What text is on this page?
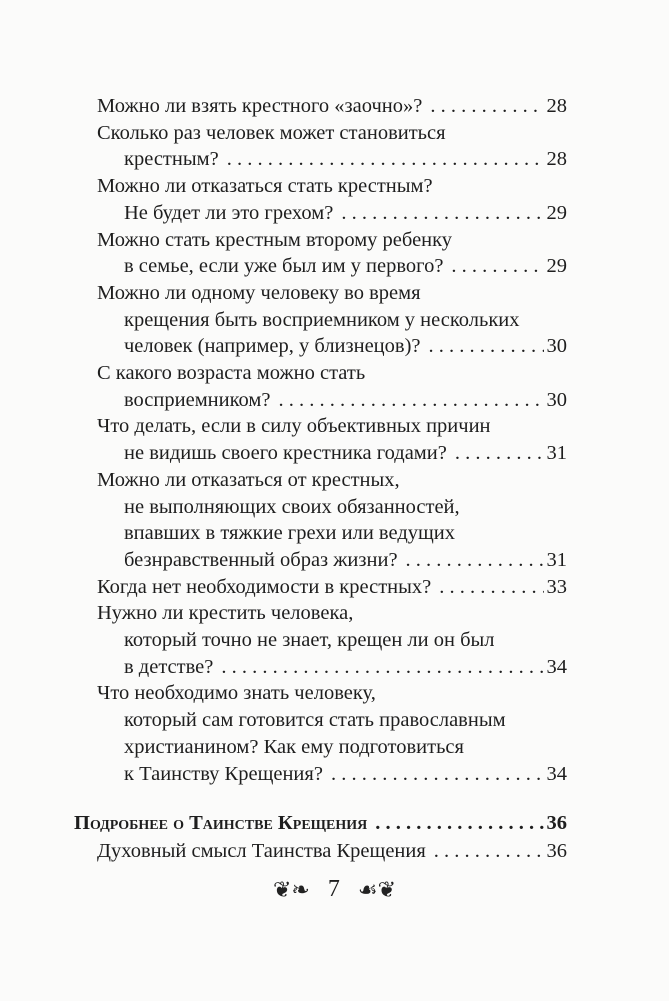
Можно ли взять крестного «заочно»? . . .	28
Сколько раз человек может становиться
крестным? . . .	28
Можно ли отказаться стать крестным?
Не будет ли это грехом? . . .	29
Можно стать крестным второму ребенку
в семье, если уже был им у первого? . . .	29
Можно ли одному человеку во время
крещения быть восприемником у нескольких
человек (например, у близнецов)? . . .	30
С какого возраста можно стать
восприемником? . . .	30
Что делать, если в силу объективных причин
не видишь своего крестника годами? . . .	31
Можно ли отказаться от крестных,
не выполняющих своих обязанностей,
впавших в тяжкие грехи или ведущих
безнравственный образ жизни? . . .	31
Когда нет необходимости в крестных? . . .	33
Нужно ли крестить человека,
который точно не знает, крещен ли он был
в детстве? . . .	34
Что необходимо знать человеку,
который сам готовится стать православным
христианином? Как ему подготовиться
к Таинству Крещения? . . .	34
Подробнее о Таинстве Крещения . . .	36
Духовный смысл Таинства Крещения . . .	36
❦❧ 7 ☙❦
